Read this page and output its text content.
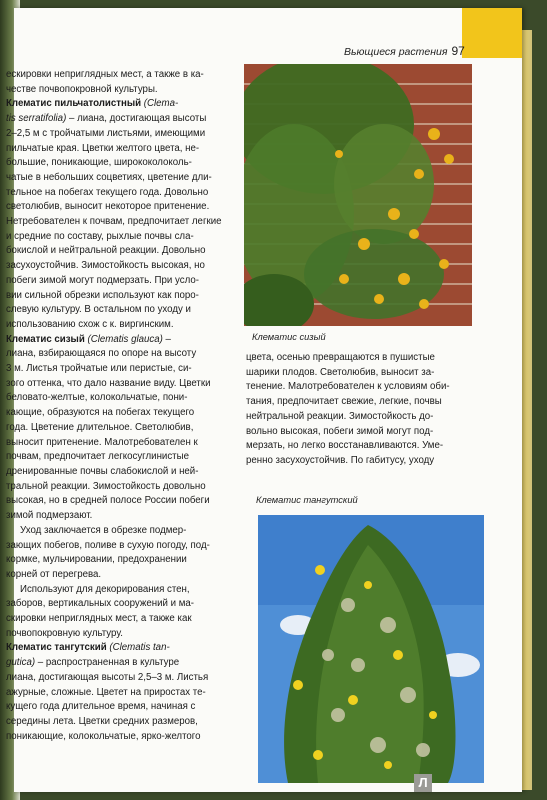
Вьющиеся растения 97

ескировки неприглядных мест, а также в ка-

честве почвопокровной культуры.

Клематис пильчатолистный (Clema-

tis serratifolia) – лиана, достигающая высоты

2–2,5 м с тройчатыми листьями, имеющими

пильчатые края. Цветки желтого цвета, не-

большие, поникающие, ширококолоколь-

чатые в небольших соцветиях, цветение дли-

тельное на побегах текущего года. Довольно

светолюбив, выносит некоторое притенение.

Нетребователен к почвам, предпочитает легкие

и средние по составу, рыхлые почвы сла-

бокислой и нейтральной реакции. Довольно

засухоустойчив. Зимостойкость высокая, но

побеги зимой могут подмерзать. При усло-

вии сильной обрезки используют как поро-

слевую культуру. В остальном по уходу и

использованию схож с к. виргинским.

Клематис сизый (Clematis glauca) –

лиана, взбирающаяся по опоре на высоту

3 м. Листья тройчатые или перистые, си-

зого оттенка, что дало название виду. Цветки

беловато-желтые, колокольчатые, пони-

кающие, образуются на побегах текущего

года. Цветение длительное. Светолюбив,

выносит притенение. Малотребователен к

почвам, предпочитает легкосуглинистые

дренированные почвы слабокислой и ней-

тральной реакции. Зимостойкость довольно

высокая, но в средней полосе России побеги

зимой подмерзают.

Уход заключается в обрезке подмер-

зающих побегов, поливе в сухую погоду, под-

кормке, мульчировании, предохранении

корней от перегрева.

Используют для декорирования стен,

заборов, вертикальных сооружений и ма-

скировки неприглядных мест, а также как

почвопокровную культуру.

Клематис тангутский (Clematis tan-

gutica) – распространенная в культуре

лиана, достигающая высоты 2,5–3 м. Листья

ажурные, сложные. Цветет на приростах те-

кущего года длительное время, начиная с

середины лета. Цветки средних размеров,

поникающие, колокольчатые, ярко-желтого

Клематис сизый

цвета, осенью превращаются в пушистые

шарики плодов. Светолюбив, выносит за-

тенение. Малотребователен к условиям оби-

тания, предпочитает свежие, легкие, почвы

нейтральной реакции. Зимостойкость до-

вольно высокая, побеги зимой могут под-

мерзать, но легко восстанавливаются. Уме-

ренно засухоустойчив. По габитусу, уходу

Клематис тангутский
Л
